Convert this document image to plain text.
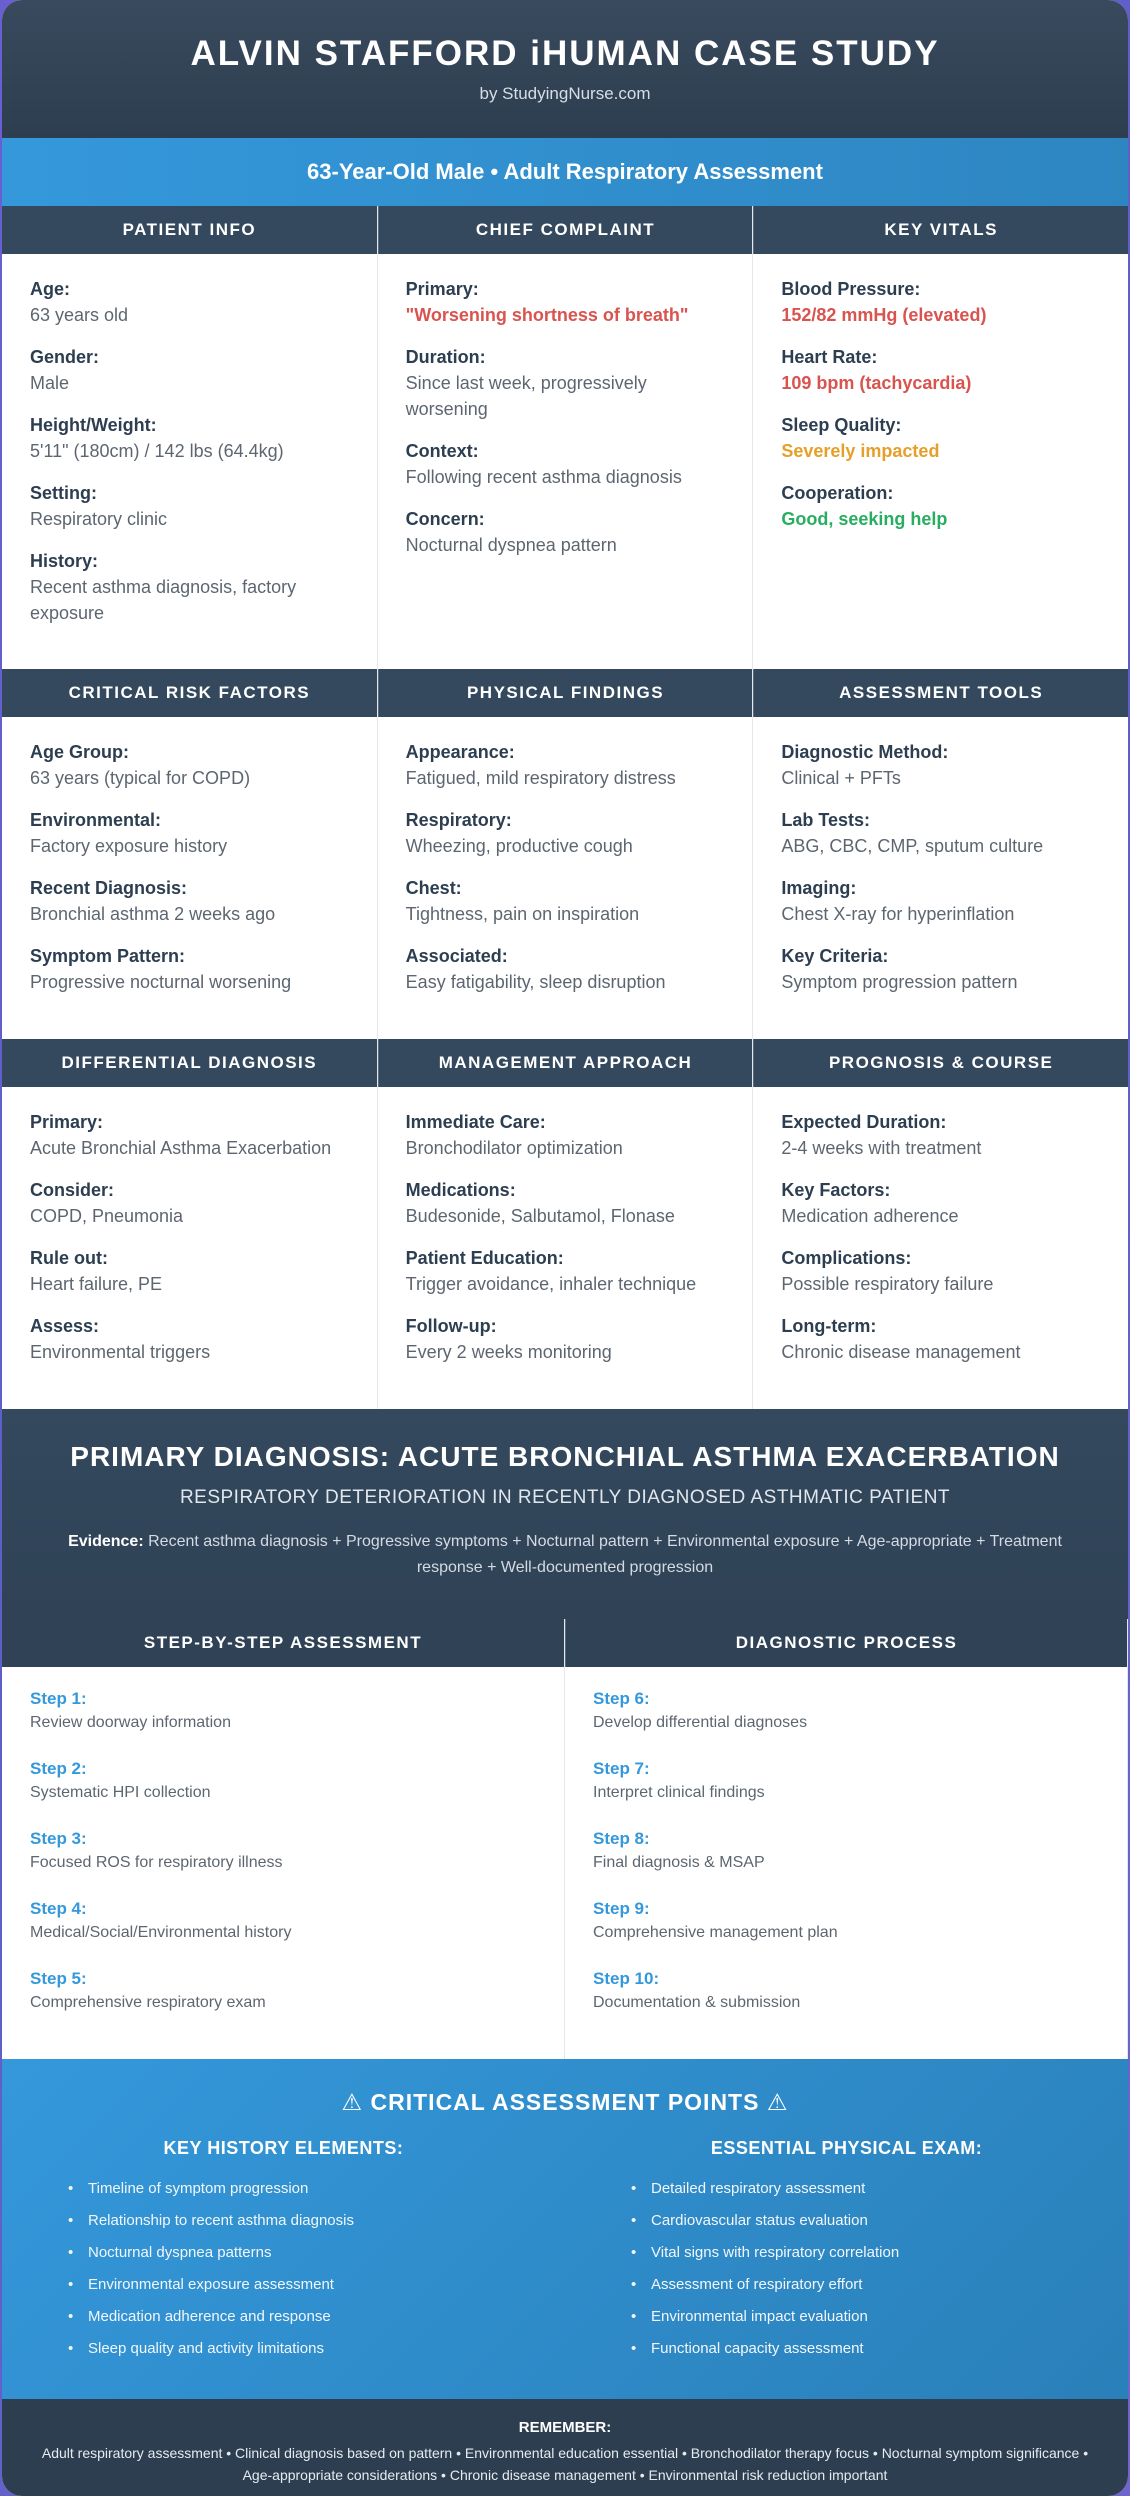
ALVIN STAFFORD iHUMAN CASE STUDY
by StudyingNurse.com
63-Year-Old Male • Adult Respiratory Assessment
PATIENT INFO
Age:
63 years old
Gender:
Male
Height/Weight:
5'11" (180cm) / 142 lbs (64.4kg)
Setting:
Respiratory clinic
History:
Recent asthma diagnosis, factory exposure
CHIEF COMPLAINT
Primary:
"Worsening shortness of breath"
Duration:
Since last week, progressively worsening
Context:
Following recent asthma diagnosis
Concern:
Nocturnal dyspnea pattern
KEY VITALS
Blood Pressure:
152/82 mmHg (elevated)
Heart Rate:
109 bpm (tachycardia)
Sleep Quality:
Severely impacted
Cooperation:
Good, seeking help
CRITICAL RISK FACTORS
Age Group:
63 years (typical for COPD)
Environmental:
Factory exposure history
Recent Diagnosis:
Bronchial asthma 2 weeks ago
Symptom Pattern:
Progressive nocturnal worsening
PHYSICAL FINDINGS
Appearance:
Fatigued, mild respiratory distress
Respiratory:
Wheezing, productive cough
Chest:
Tightness, pain on inspiration
Associated:
Easy fatigability, sleep disruption
ASSESSMENT TOOLS
Diagnostic Method:
Clinical + PFTs
Lab Tests:
ABG, CBC, CMP, sputum culture
Imaging:
Chest X-ray for hyperinflation
Key Criteria:
Symptom progression pattern
DIFFERENTIAL DIAGNOSIS
Primary:
Acute Bronchial Asthma Exacerbation
Consider:
COPD, Pneumonia
Rule out:
Heart failure, PE
Assess:
Environmental triggers
MANAGEMENT APPROACH
Immediate Care:
Bronchodilator optimization
Medications:
Budesonide, Salbutamol, Flonase
Patient Education:
Trigger avoidance, inhaler technique
Follow-up:
Every 2 weeks monitoring
PROGNOSIS & COURSE
Expected Duration:
2-4 weeks with treatment
Key Factors:
Medication adherence
Complications:
Possible respiratory failure
Long-term:
Chronic disease management
PRIMARY DIAGNOSIS: ACUTE BRONCHIAL ASTHMA EXACERBATION
RESPIRATORY DETERIORATION IN RECENTLY DIAGNOSED ASTHMATIC PATIENT
Evidence: Recent asthma diagnosis + Progressive symptoms + Nocturnal pattern + Environmental exposure + Age-appropriate + Treatment response + Well-documented progression
STEP-BY-STEP ASSESSMENT
Step 1:
Review doorway information
Step 2:
Systematic HPI collection
Step 3:
Focused ROS for respiratory illness
Step 4:
Medical/Social/Environmental history
Step 5:
Comprehensive respiratory exam
DIAGNOSTIC PROCESS
Step 6:
Develop differential diagnoses
Step 7:
Interpret clinical findings
Step 8:
Final diagnosis & MSAP
Step 9:
Comprehensive management plan
Step 10:
Documentation & submission
⚠ CRITICAL ASSESSMENT POINTS ⚠
KEY HISTORY ELEMENTS:
• Timeline of symptom progression
• Relationship to recent asthma diagnosis
• Nocturnal dyspnea patterns
• Environmental exposure assessment
• Medication adherence and response
• Sleep quality and activity limitations
ESSENTIAL PHYSICAL EXAM:
• Detailed respiratory assessment
• Cardiovascular status evaluation
• Vital signs with respiratory correlation
• Assessment of respiratory effort
• Environmental impact evaluation
• Functional capacity assessment
REMEMBER:
Adult respiratory assessment • Clinical diagnosis based on pattern • Environmental education essential • Bronchodilator therapy focus • Nocturnal symptom significance • Age-appropriate considerations • Chronic disease management • Environmental risk reduction important
